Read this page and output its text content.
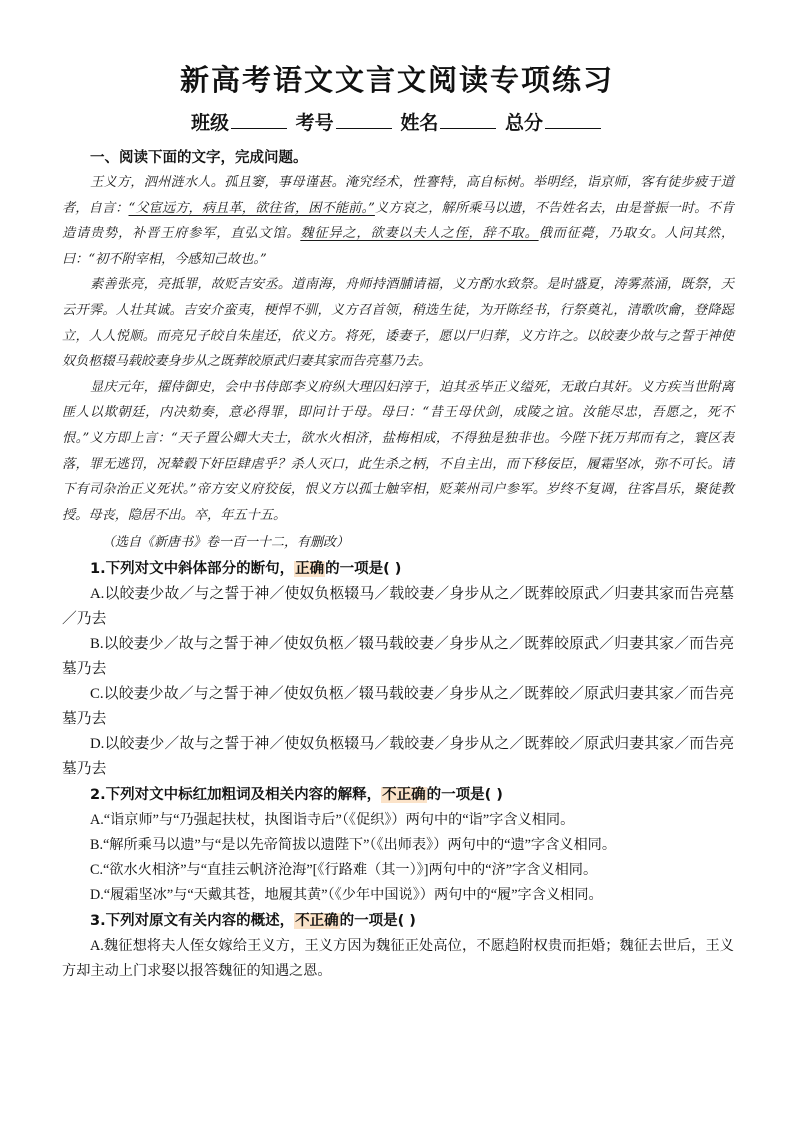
新高考语文文言文阅读专项练习
班级	考号	姓名	总分
一、阅读下面的文字，完成问题。

王义方，泗州涟水人。孤且窭，事母谨甚。淹究经术，性謇特，高自标树。举明经，诣京师，客有徒步疲于道者，自言：“父宦远方，病且革，欲往省，困不能前。”义方哀之，解所乘马以遗，不告姓名去，由是誉振一时。不肯造请贵势，补晋王府参军，直弘文馆。魏征异之，欲妻以夫人之侄，辞不取。俄而征薨，乃取女。人问其然，曰：“初不附宰相，今感知己故也。”

素善张亮，亮抵罪，故贬吉安丞。道南海，舟师持酒脯请福，义方酌水致祭。是时盛夏，涛雾蒸涌，既祭，天云开霁。人壮其诚。吉安介蛮夷，梗悍不驯，义方召首领，稍选生徒，为开陈经书，行祭奠礼，清歌吹龠，登降跽立，人人悦顺。而亮兄子皎自朱崖还，依义方。将死，诿妻子，愿以尸归葬，义方许之。以皎妻少故与之誓于神使奴负柩辍马载皎妻身步从之既葬皎原武归妻其家而告亮墓乃去。

显庆元年，擢侍御史，会中书侍郎李义府纵大理囚妇淳于，迫其丞毕正义缢死，无敢白其奸。义方疾当世附离匪人以欺朝廷，内决劾奏，意必得罪，即问计于母。母曰：“昔王母伏剑，成陵之谊。汝能尽忠，吾愿之，死不恨。”义方即上言：“天子置公卿大夫士，欲水火相济，盐梅相成，不得独是独非也。今陛下抚万邦而有之，寰区表落，罪无逃罚，况辇毂下奸臣肆虐乎？杀人灭口，此生杀之柄，不自主出，而下移佞臣，履霜坚冰，弥不可长。请下有司杂治正义死状。”帝方安义府狡佞，恨义方以孤士触宰相，贬莱州司户参军。岁终不复调，往客昌乐，聚徒教授。母丧，隐居不出。卒，年五十五。

（选自《新唐书》卷一百一十二，有删改）
1.下列对文中斜体部分的断句，正确的一项是( )

A.以皎妻少故／与之誓于神／使奴负柩辍马／载皎妻／身步从之／既葬皎原武／归妻其家而告亮墓／乃去

B.以皎妻少／故与之誓于神／使奴负柩／辍马载皎妻／身步从之／既葬皎原武／归妻其家／而告亮墓乃去

C.以皎妻少故／与之誓于神／使奴负柩／辍马载皎妻／身步从之／既葬皎／原武归妻其家／而告亮墓乃去

D.以皎妻少／故与之誓于神／使奴负柩辍马／载皎妻／身步从之／既葬皎／原武归妻其家／而告亮墓乃去

2.下列对文中标红加粗词及相关内容的解释，不正确的一项是( )

A.“诣京师”与“乃强起扶杖，执图诣寺后”（《促织》）两句中的“诣”字含义相同。

B.“解所乘马以遗”与“是以先帝简拔以遗陛下”（《出师表》）两句中的“遗”字含义相同。

C.“欲水火相济”与“直挂云帆济沧海”[《行路难（其一）》]两句中的“济”字含义相同。

D.“履霜坚冰”与“天戴其苍，地履其黄”（《少年中国说》）两句中的“履”字含义相同。

3.下列对原文有关内容的概述，不正确的一项是( )

A.魏征想将夫人侄女嫁给王义方，王义方因为魏征正处高位，不愿趋附权贵而拒婚；魏征去世后，王义方却主动上门求娶以报答魏征的知遇之恩。
